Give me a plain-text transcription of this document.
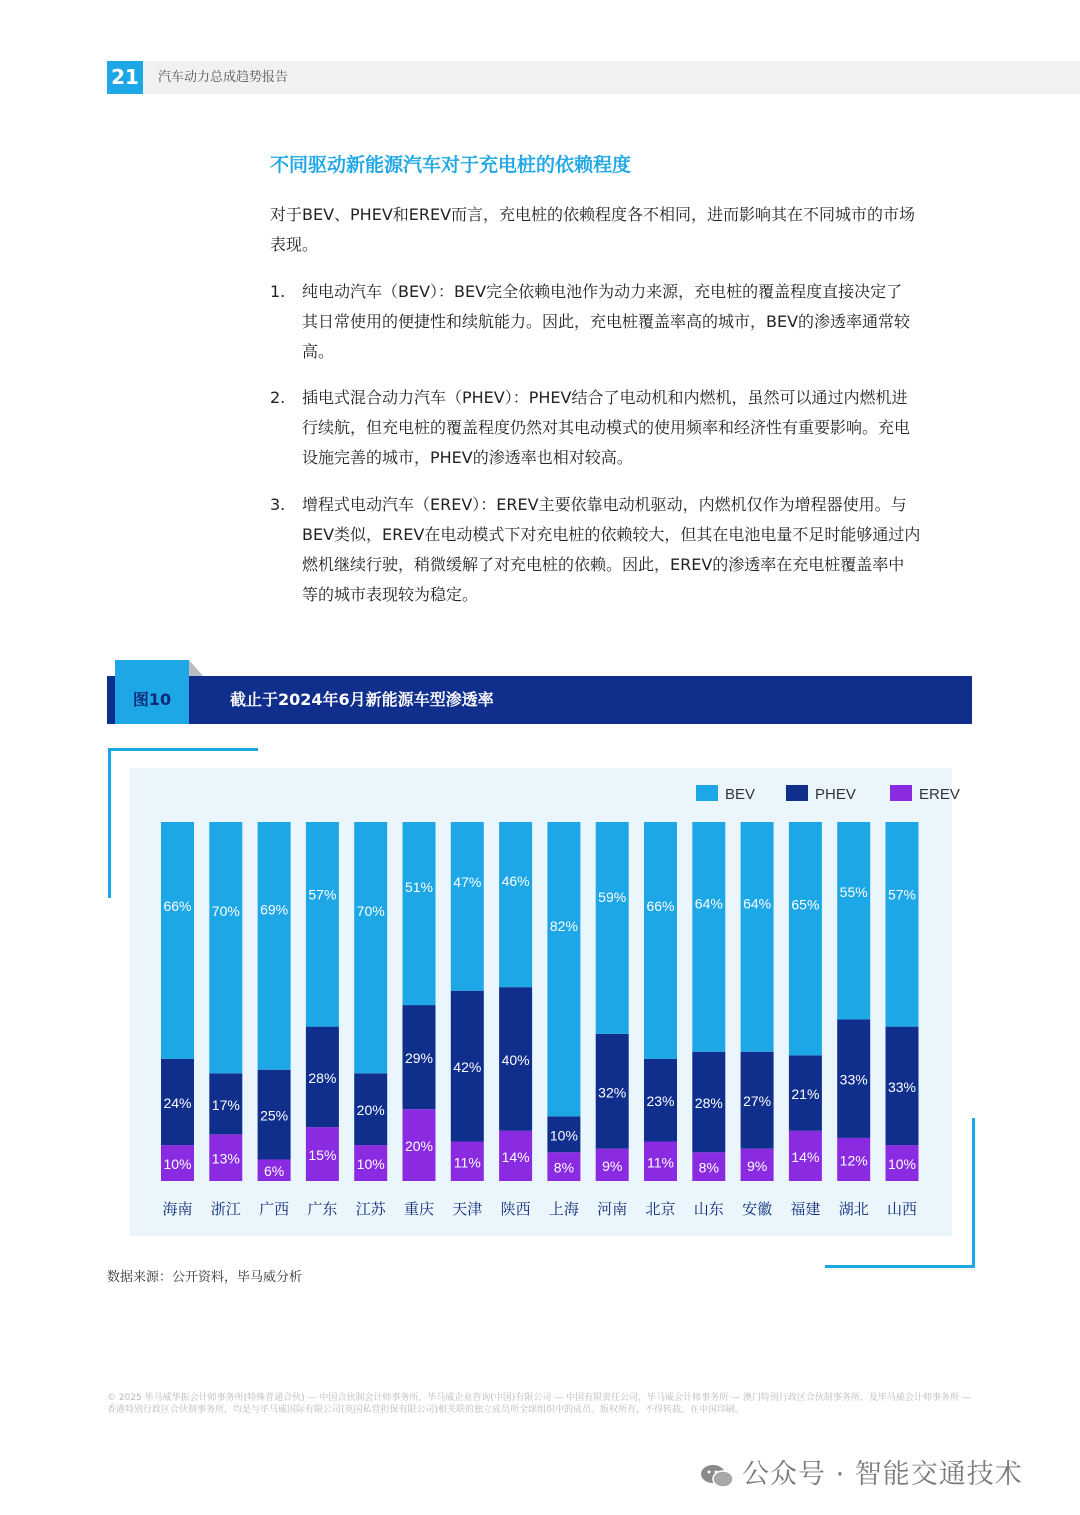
21	汽车动力总成趋势报告
不同驱动新能源汽车对于充电桩的依赖程度
对于BEV、PHEV和EREV而言，充电桩的依赖程度各不相同，进而影响其在不同城市的市场
表现。
1. 纯电动汽车（BEV）：BEV完全依赖电池作为动力来源，充电桩的覆盖程度直接决定了
其日常使用的便捷性和续航能力。因此，充电桩覆盖率高的城市，BEV的渗透率通常较
高。
2. 插电式混合动力汽车（PHEV）：PHEV结合了电动机和内燃机，虽然可以通过内燃机进
行续航，但充电桩的覆盖程度仍然对其电动模式的使用频率和经济性有重要影响。充电
设施完善的城市，PHEV的渗透率也相对较高。
3. 增程式电动汽车（EREV）：EREV主要依靠电动机驱动，内燃机仅作为增程器使用。与
BEV类似，EREV在电动模式下对充电桩的依赖较大，但其在电池电量不足时能够通过内
燃机继续行驶，稍微缓解了对充电桩的依赖。因此，EREV的渗透率在充电桩覆盖率中
等的城市表现较为稳定。
图10	截止于2024年6月新能源车型渗透率
10%
24%
66%
海南
13%
17%
70%
浙江
6%
25%
69%
广西
15%
28%
57%
广东
10%
20%
70%
江苏
20%
29%
51%
重庆
11%
42%
47%
天津
14%
40%
46%
陕西
8%
10%
82%
上海
9%
32%
59%
河南
11%
23%
66%
北京
8%
28%
64%
山东
9%
27%
64%
安徽
14%
21%
65%
福建
12%
33%
55%
湖北
10%
33%
57%
山西
BEV	PHEV	EREV
数据来源：公开资料，毕马威分析
© 2025 毕马威华振会计师事务所(特殊普通合伙) — 中国合伙制会计师事务所，毕马威企业咨询(中国)有限公司 — 中国有限责任公司，毕马威会计师事务所 — 澳门特别行政区合伙制事务所，及毕马威会计师事务所 — 香港特别行政区合伙制事务所，均是与毕马威国际有限公司(英国私营担保有限公司)相关联的独立成员所全球组织中的成员。版权所有，不得转载。在中国印刷。
公众号 · 智能交通技术
